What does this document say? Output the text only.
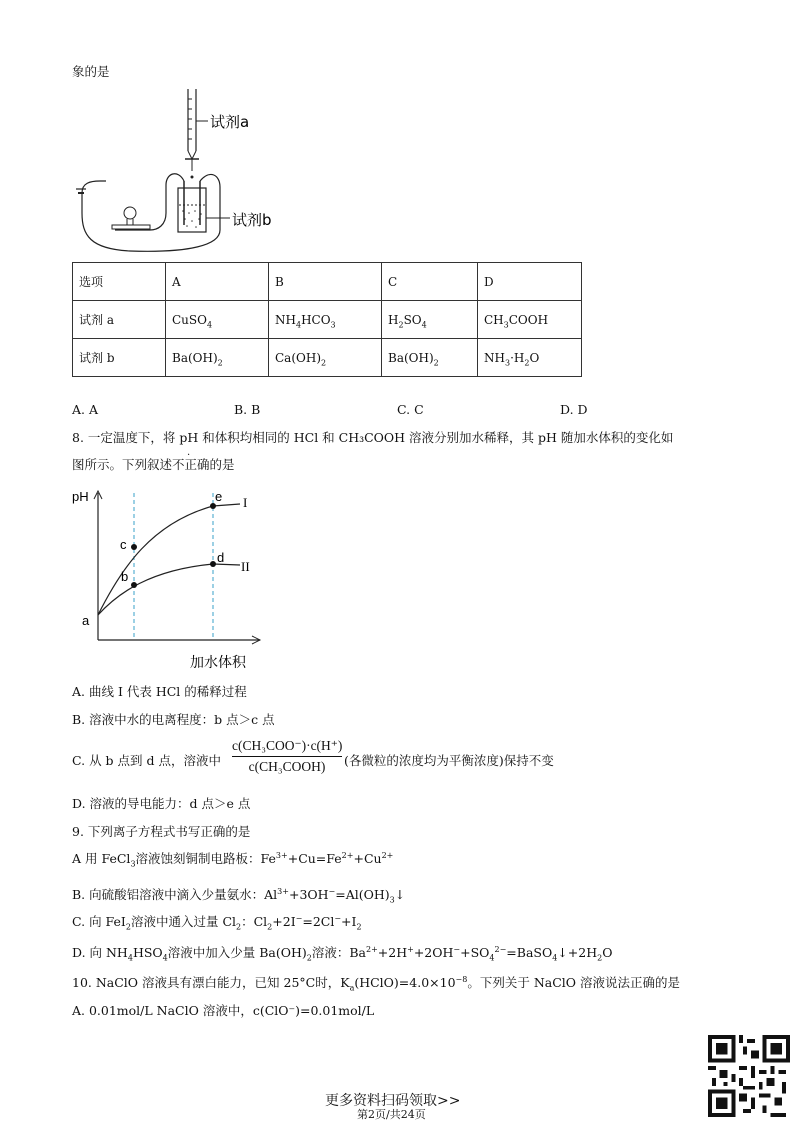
象的是
试剂a
试剂b
选项	A	B	C	D
试剂 a	CuSO$_4$	$NH_4HCO_3$	$H_2SO_4$	$CH_3COOH$
试剂 b	$Ba(OH)_2$	$Ca(OH)_2$	$Ba(OH)_2$	$NH_3\cdot H_2O$
A. A	B. B	C. C	D. D
8. 一定温度下，将 pH 和体积均相同的 HCl 和 CH₃COOH 溶液分别加水稀释，其 pH 随加水体积的变化如
图所示。下列叙述不正确的是
pH
a
b
c
d
e I
II
加水体积
A. 曲线 I 代表 HCl 的稀释过程
B. 溶液中水的电离程度：b 点＞c 点
C. 从 b 点到 d 点，溶液中
c(CH₃COO⁻)·c(H⁺)
c(CH₃COOH)	(各微粒的浓度均为平衡浓度)保持不变
D. 溶液的导电能力：d 点＞e 点
9. 下列离子方程式书写正确的是
A 用 FeCl$_3$溶液蚀刻铜制电路板：$Fe^{3+}+Cu=Fe^{2+}+Cu^{2+}$
B. 向硫酸铝溶液中滴入少量氨水：$Al^{3+}+3OH^-=Al(OH)_3↓$
C. 向 FeI$_2$溶液中通入过量 $Cl_2$：$Cl_2+2I^-=2Cl^-+I_2$
D. 向 $NH_4HSO_4$溶液中加入少量 $Ba(OH)_2$溶液：$Ba^{2+}+2H^++2OH^-+SO_4^{2-}=BaSO_4↓+2H_2O$
10. NaClO 溶液具有漂白能力，已知 25°C时，$K_a(HClO)=4.0\times 10^{-8}$。下列关于 NaClO 溶液说法正确的是
A. 0.01mol/L NaClO 溶液中，c(ClO⁻)=0.01mol/L
更多资料扫码领取>>
第2页/共24页
